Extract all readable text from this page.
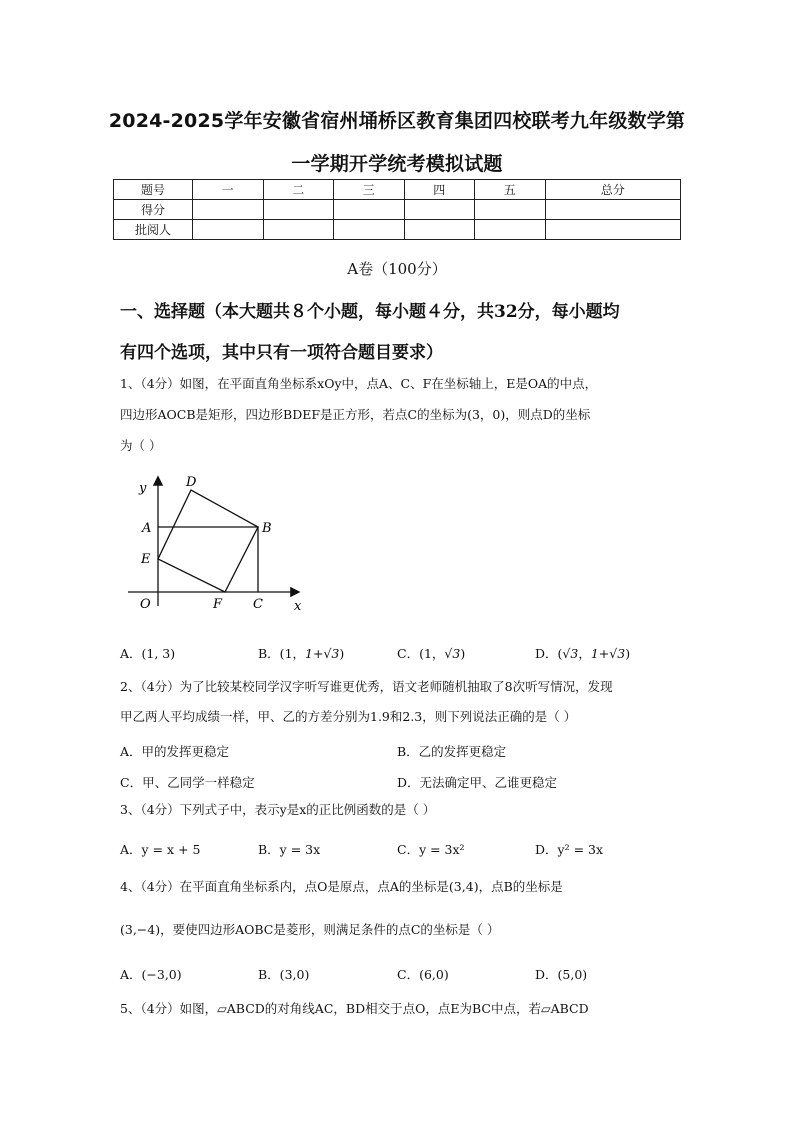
2024-2025学年安徽省宿州埇桥区教育集团四校联考九年级数学第
一学期开学统考模拟试题
题号	一	二	三	四	五	总分
得分						
批阅人						
A卷（100分）
一、选择题（本大题共８个小题，每小题４分，共32分，每小题均
有四个选项，其中只有一项符合题目要求）
1、（4分）如图，在平面直角坐标系xOy中，点A、C、F在坐标轴上，E是OA的中点，
四边形AOCB是矩形，四边形BDEF是正方形，若点C的坐标为(3，0)，则点D的坐标
为（ ）
y
x
O
A	B
C
D
E
F
A．(1, 3)	B．(1，1+√3)	C．(1，√3)	D．(√3，1+√3)
2、（4分）为了比较某校同学汉字听写谁更优秀，语文老师随机抽取了8次听写情况，发现
甲乙两人平均成绩一样，甲、乙的方差分别为1.9和2.3，则下列说法正确的是（ ）
A．甲的发挥更稳定	B．乙的发挥更稳定
C．甲、乙同学一样稳定	D．无法确定甲、乙谁更稳定
3、（4分）下列式子中，表示y是x的正比例函数的是（ ）
A．y = x + 5	B．y = 3x	C．y = 3x²	D．y² = 3x
4、（4分）在平面直角坐标系内，点O是原点，点A的坐标是(3,4)，点B的坐标是
(3,−4)，要使四边形AOBC是菱形，则满足条件的点C的坐标是（ ）
A．(−3,0)	B．(3,0)	C．(6,0)	D．(5,0)
5、（4分）如图，▱ABCD的对角线AC，BD相交于点O，点E为BC中点，若▱ABCD
